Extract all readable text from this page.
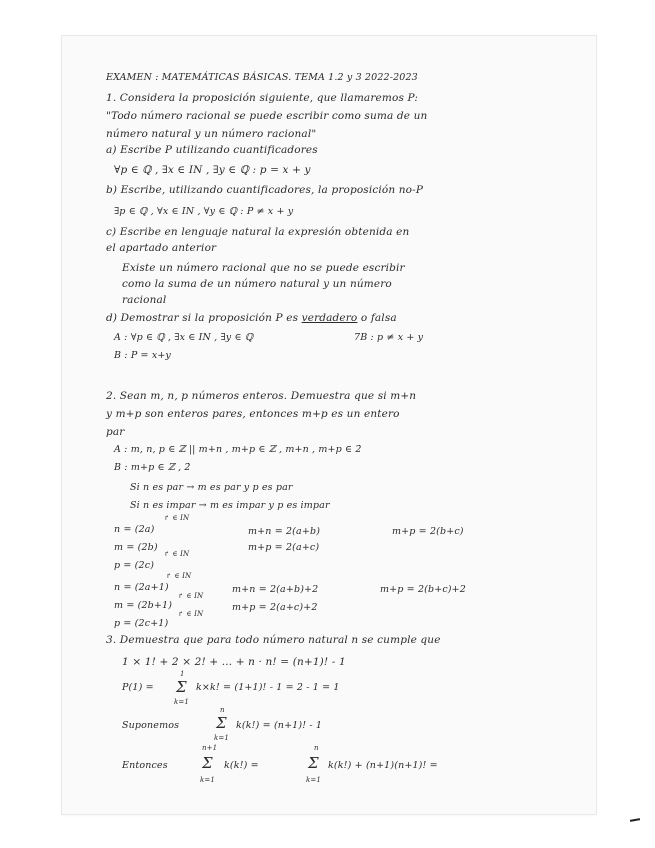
EXAMEN : MATEMÁTICAS BÁSICAS. TEMA 1.2 y 3 2022-2023
1. Considera la proposición siguiente, que llamaremos P:
"Todo número racional se puede escribir como suma de un
número natural y un número racional"
a) Escribe P utilizando cuantificadores
∀p ∈ ℚ , ∃x ∈ IN , ∃y ∈ ℚ : p = x + y
b) Escribe, utilizando cuantificadores, la proposición no-P
∃p ∈ ℚ , ∀x ∈ IN , ∀y ∈ ℚ : P ≠ x + y
c) Escribe en lenguaje natural la expresión obtenida en
el apartado anterior
Existe un número racional que no se puede escribir
como la suma de un número natural y un número
racional
d) Demostrar si la proposición P es verdadero o falsa
A : ∀p ∈ ℚ , ∃x ∈ IN , ∃y ∈ ℚ	7B : p ≠ x + y
B : P = x+y
2. Sean m, n, p números enteros. Demuestra que si m+n
y m+p son enteros pares, entonces m+p es un entero
par
A : m, n, p ∈ ℤ || m+n , m+p ∈ ℤ , m+n , m+p ∈ 2̇
B : m+p ∈ ℤ , 2̇
Si n es par → m es par y p es par
Si n es impar → m es impar y p es impar
↱ ∈ IN
n = (2a)
m = (2b)
↱ ∈ IN
p = (2c)
m+n = 2(a+b)
m+p = 2(a+c)
m+p = 2(b+c)
↱ ∈ IN
n = (2a+1)
↱ ∈ IN
m = (2b+1)
↱ ∈ IN
p = (2c+1)
m+n = 2(a+b)+2
m+p = 2(a+c)+2
m+p = 2(b+c)+2
3. Demuestra que para todo número natural n se cumple que
1 × 1! + 2 × 2! + ... + n · n! = (n+1)! - 1
1
P(1) = Σ
k=1
k×k! = (1+1)! - 1 = 2 - 1 = 1
n
Suponemos Σ
k=1
k(k!) = (n+1)! - 1
n+1
Entonces Σ
k=1
k(k!) =
n
Σ
k=1
k(k!) + (n+1)(n+1)! =
